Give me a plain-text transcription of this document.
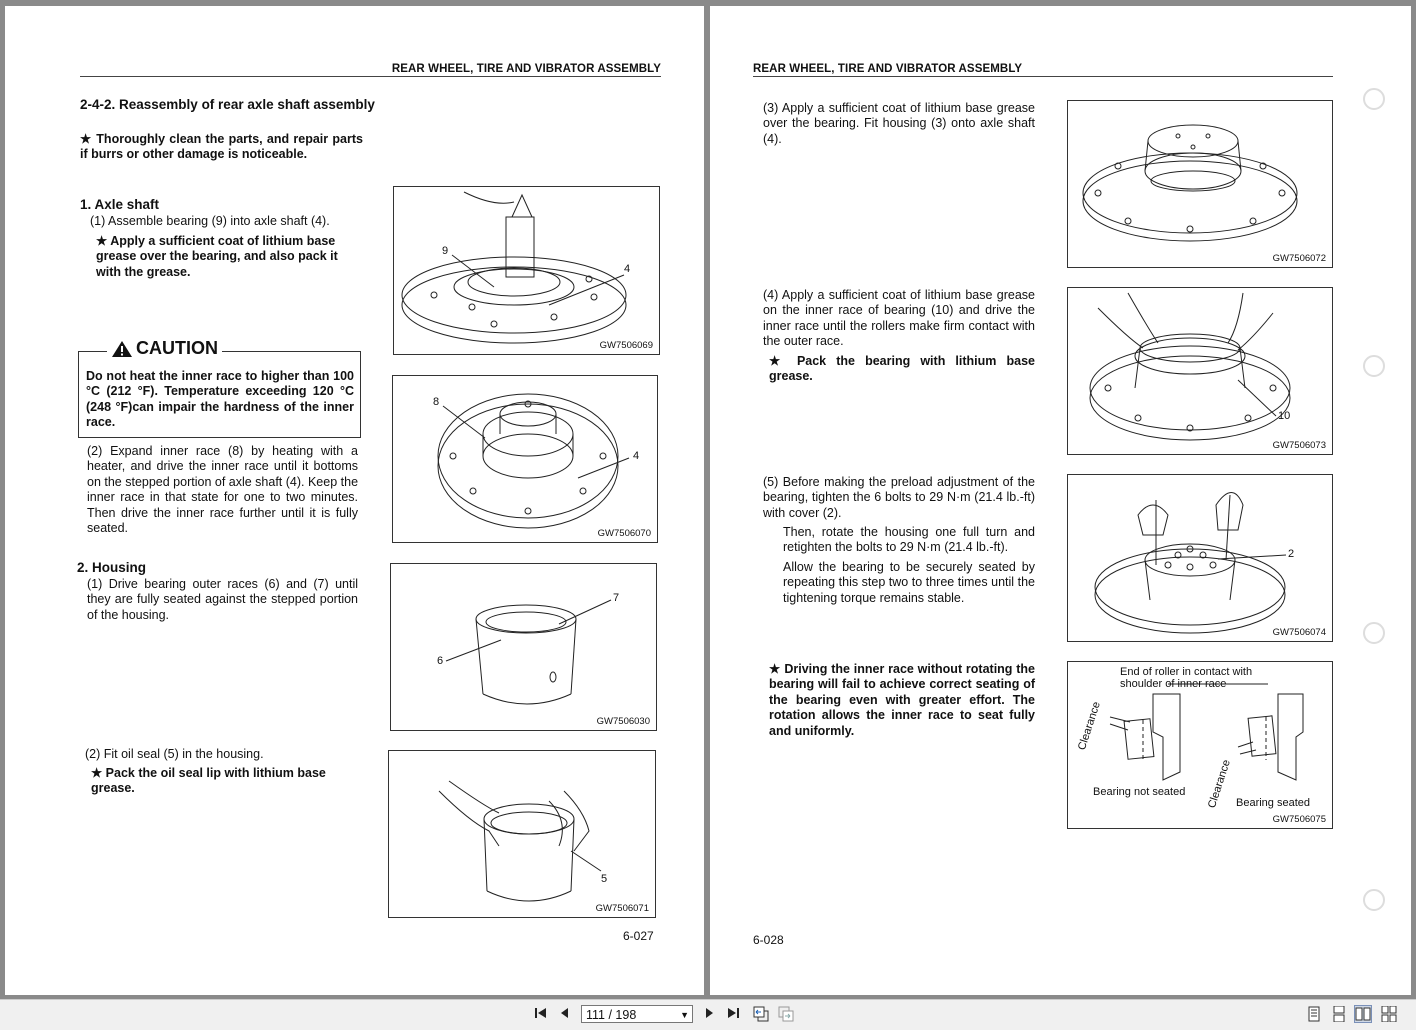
REAR WHEEL, TIRE AND VIBRATOR ASSEMBLY
2-4-2. Reassembly of rear axle shaft assembly
★ Thoroughly clean the parts, and repair parts if burrs or other damage is noticeable.
1. Axle shaft
(1) Assemble bearing (9) into axle shaft (4).
★ Apply a sufficient coat of lithium base grease over the bearing, and also pack it with the grease.
CAUTION
Do not heat the inner race to higher than 100 °C (212 °F). Temperature exceeding 120 °C (248 °F)can impair the hardness of the inner race.
(2) Expand inner race (8) by heating with a heater, and drive the inner race until it bottoms on the stepped portion of axle shaft (4). Keep the inner race in that state for one to two minutes. Then drive the inner race further until it is fully seated.
2. Housing
(1) Drive bearing outer races (6) and (7) until they are fully seated against the stepped portion of the housing.
(2) Fit oil seal (5) in the housing.
★ Pack the oil seal lip with lithium base grease.
9
4
GW7506069
8
4
GW7506070
7
6
GW7506030
5
GW7506071
6-027
REAR WHEEL, TIRE AND VIBRATOR ASSEMBLY
(3) Apply a sufficient coat of lithium base grease over the bearing. Fit housing (3) onto axle shaft (4).
(4) Apply a sufficient coat of lithium base grease on the inner race of bearing (10) and drive the inner race until the rollers make firm contact with the outer race.
★ Pack the bearing with lithium base grease.
(5) Before making the preload adjustment of the bearing, tighten the 6 bolts to 29 N·m (21.4 lb.-ft) with cover (2).
Then, rotate the housing one full turn and retighten the bolts to 29 N·m (21.4 lb.-ft).
Allow the bearing to be securely seated by repeating this step two to three times until the tightening torque remains stable.
★ Driving the inner race without rotating the bearing will fail to achieve correct seating of the bearing even with greater effort. The rotation allows the inner race to seat fully and uniformly.
GW7506072
10
GW7506073
2
GW7506074
End of roller in contact with
shoulder of inner race
Clearance
Clearance
Bearing not seated
Bearing seated
GW7506075
6-028
111 / 198	▼
